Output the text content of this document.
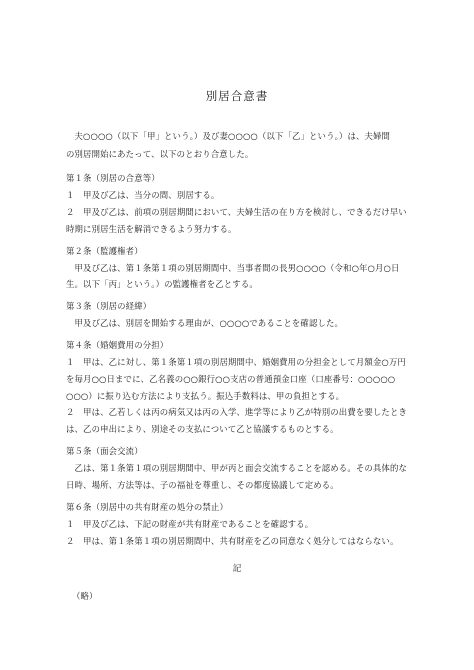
別居合意書
　夫○○○○（以下「甲」という。）及び妻○○○○（以下「乙」という。）は、夫婦間
の別居開始にあたって、以下のとおり合意した。
第１条（別居の合意等）
１　甲及び乙は、当分の間、別居する。
２　甲及び乙は、前項の別居期間において、夫婦生活の在り方を検討し、できるだけ早い
時期に別居生活を解消できるよう努力する。
第２条（監護権者）
　甲及び乙は、第１条第１項の別居期間中、当事者間の長男○○○○（令和○年○月○日
生。以下「丙」という。）の監護権者を乙とする。
第３条（別居の経緯）
　甲及び乙は、別居を開始する理由が、○○○○であることを確認した。
第４条（婚姻費用の分担）
１　甲は、乙に対し、第１条第１項の別居期間中、婚姻費用の分担金として月額金○万円
を毎月○○日までに、乙名義の○○銀行○○支店の普通預金口座（口座番号：○○○○○
○○○）に振り込む方法により支払う。振込手数料は、甲の負担とする。
２　甲は、乙若しくは丙の病気又は丙の入学、進学等により乙が特別の出費を要したとき
は、乙の申出により、別途その支払について乙と協議するものとする。
第５条（面会交流）
　乙は、第１条第１項の別居期間中、甲が丙と面会交流することを認める。その具体的な
日時、場所、方法等は、子の福祉を尊重し、その都度協議して定める。
第６条（別居中の共有財産の処分の禁止）
１　甲及び乙は、下記の財産が共有財産であることを確認する。
２　甲は、第１条第１項の別居期間中、共有財産を乙の同意なく処分してはならない。
記
（略）
